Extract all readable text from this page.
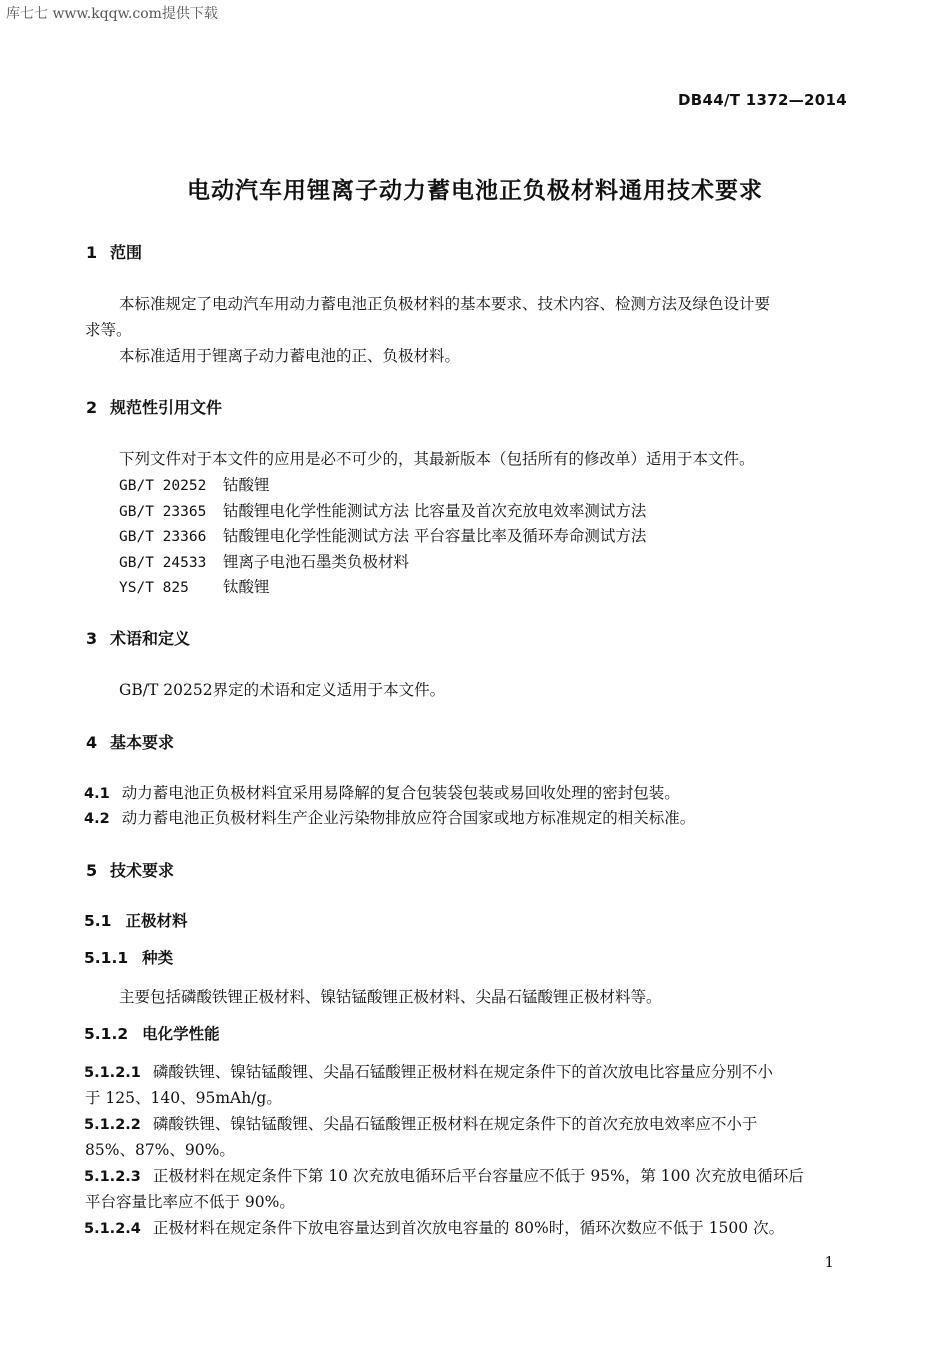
库七七 www.kqqw.com提供下载
DB44/T 1372—2014
电动汽车用锂离子动力蓄电池正负极材料通用技术要求
1 范围
本标准规定了电动汽车用动力蓄电池正负极材料的基本要求、技术内容、检测方法及绿色设计要
求等。
本标准适用于锂离子动力蓄电池的正、负极材料。
2 规范性引用文件
下列文件对于本文件的应用是必不可少的，其最新版本（包括所有的修改单）适用于本文件。
GB/T 20252 钴酸锂
GB/T 23365 钴酸锂电化学性能测试方法 比容量及首次充放电效率测试方法
GB/T 23366 钴酸锂电化学性能测试方法 平台容量比率及循环寿命测试方法
GB/T 24533 锂离子电池石墨类负极材料
YS/T 825 钛酸锂
3 术语和定义
GB/T 20252界定的术语和定义适用于本文件。
4 基本要求
4.1 动力蓄电池正负极材料宜采用易降解的复合包装袋包装或易回收处理的密封包装。
4.2 动力蓄电池正负极材料生产企业污染物排放应符合国家或地方标准规定的相关标准。
5 技术要求
5.1 正极材料
5.1.1 种类
主要包括磷酸铁锂正极材料、镍钴锰酸锂正极材料、尖晶石锰酸锂正极材料等。
5.1.2 电化学性能
5.1.2.1 磷酸铁锂、镍钴锰酸锂、尖晶石锰酸锂正极材料在规定条件下的首次放电比容量应分别不小
于 125、140、95mAh/g。
5.1.2.2 磷酸铁锂、镍钴锰酸锂、尖晶石锰酸锂正极材料在规定条件下的首次充放电效率应不小于
85%、87%、90%。
5.1.2.3 正极材料在规定条件下第 10 次充放电循环后平台容量应不低于 95%，第 100 次充放电循环后
平台容量比率应不低于 90%。
5.1.2.4 正极材料在规定条件下放电容量达到首次放电容量的 80%时，循环次数应不低于 1500 次。
1
